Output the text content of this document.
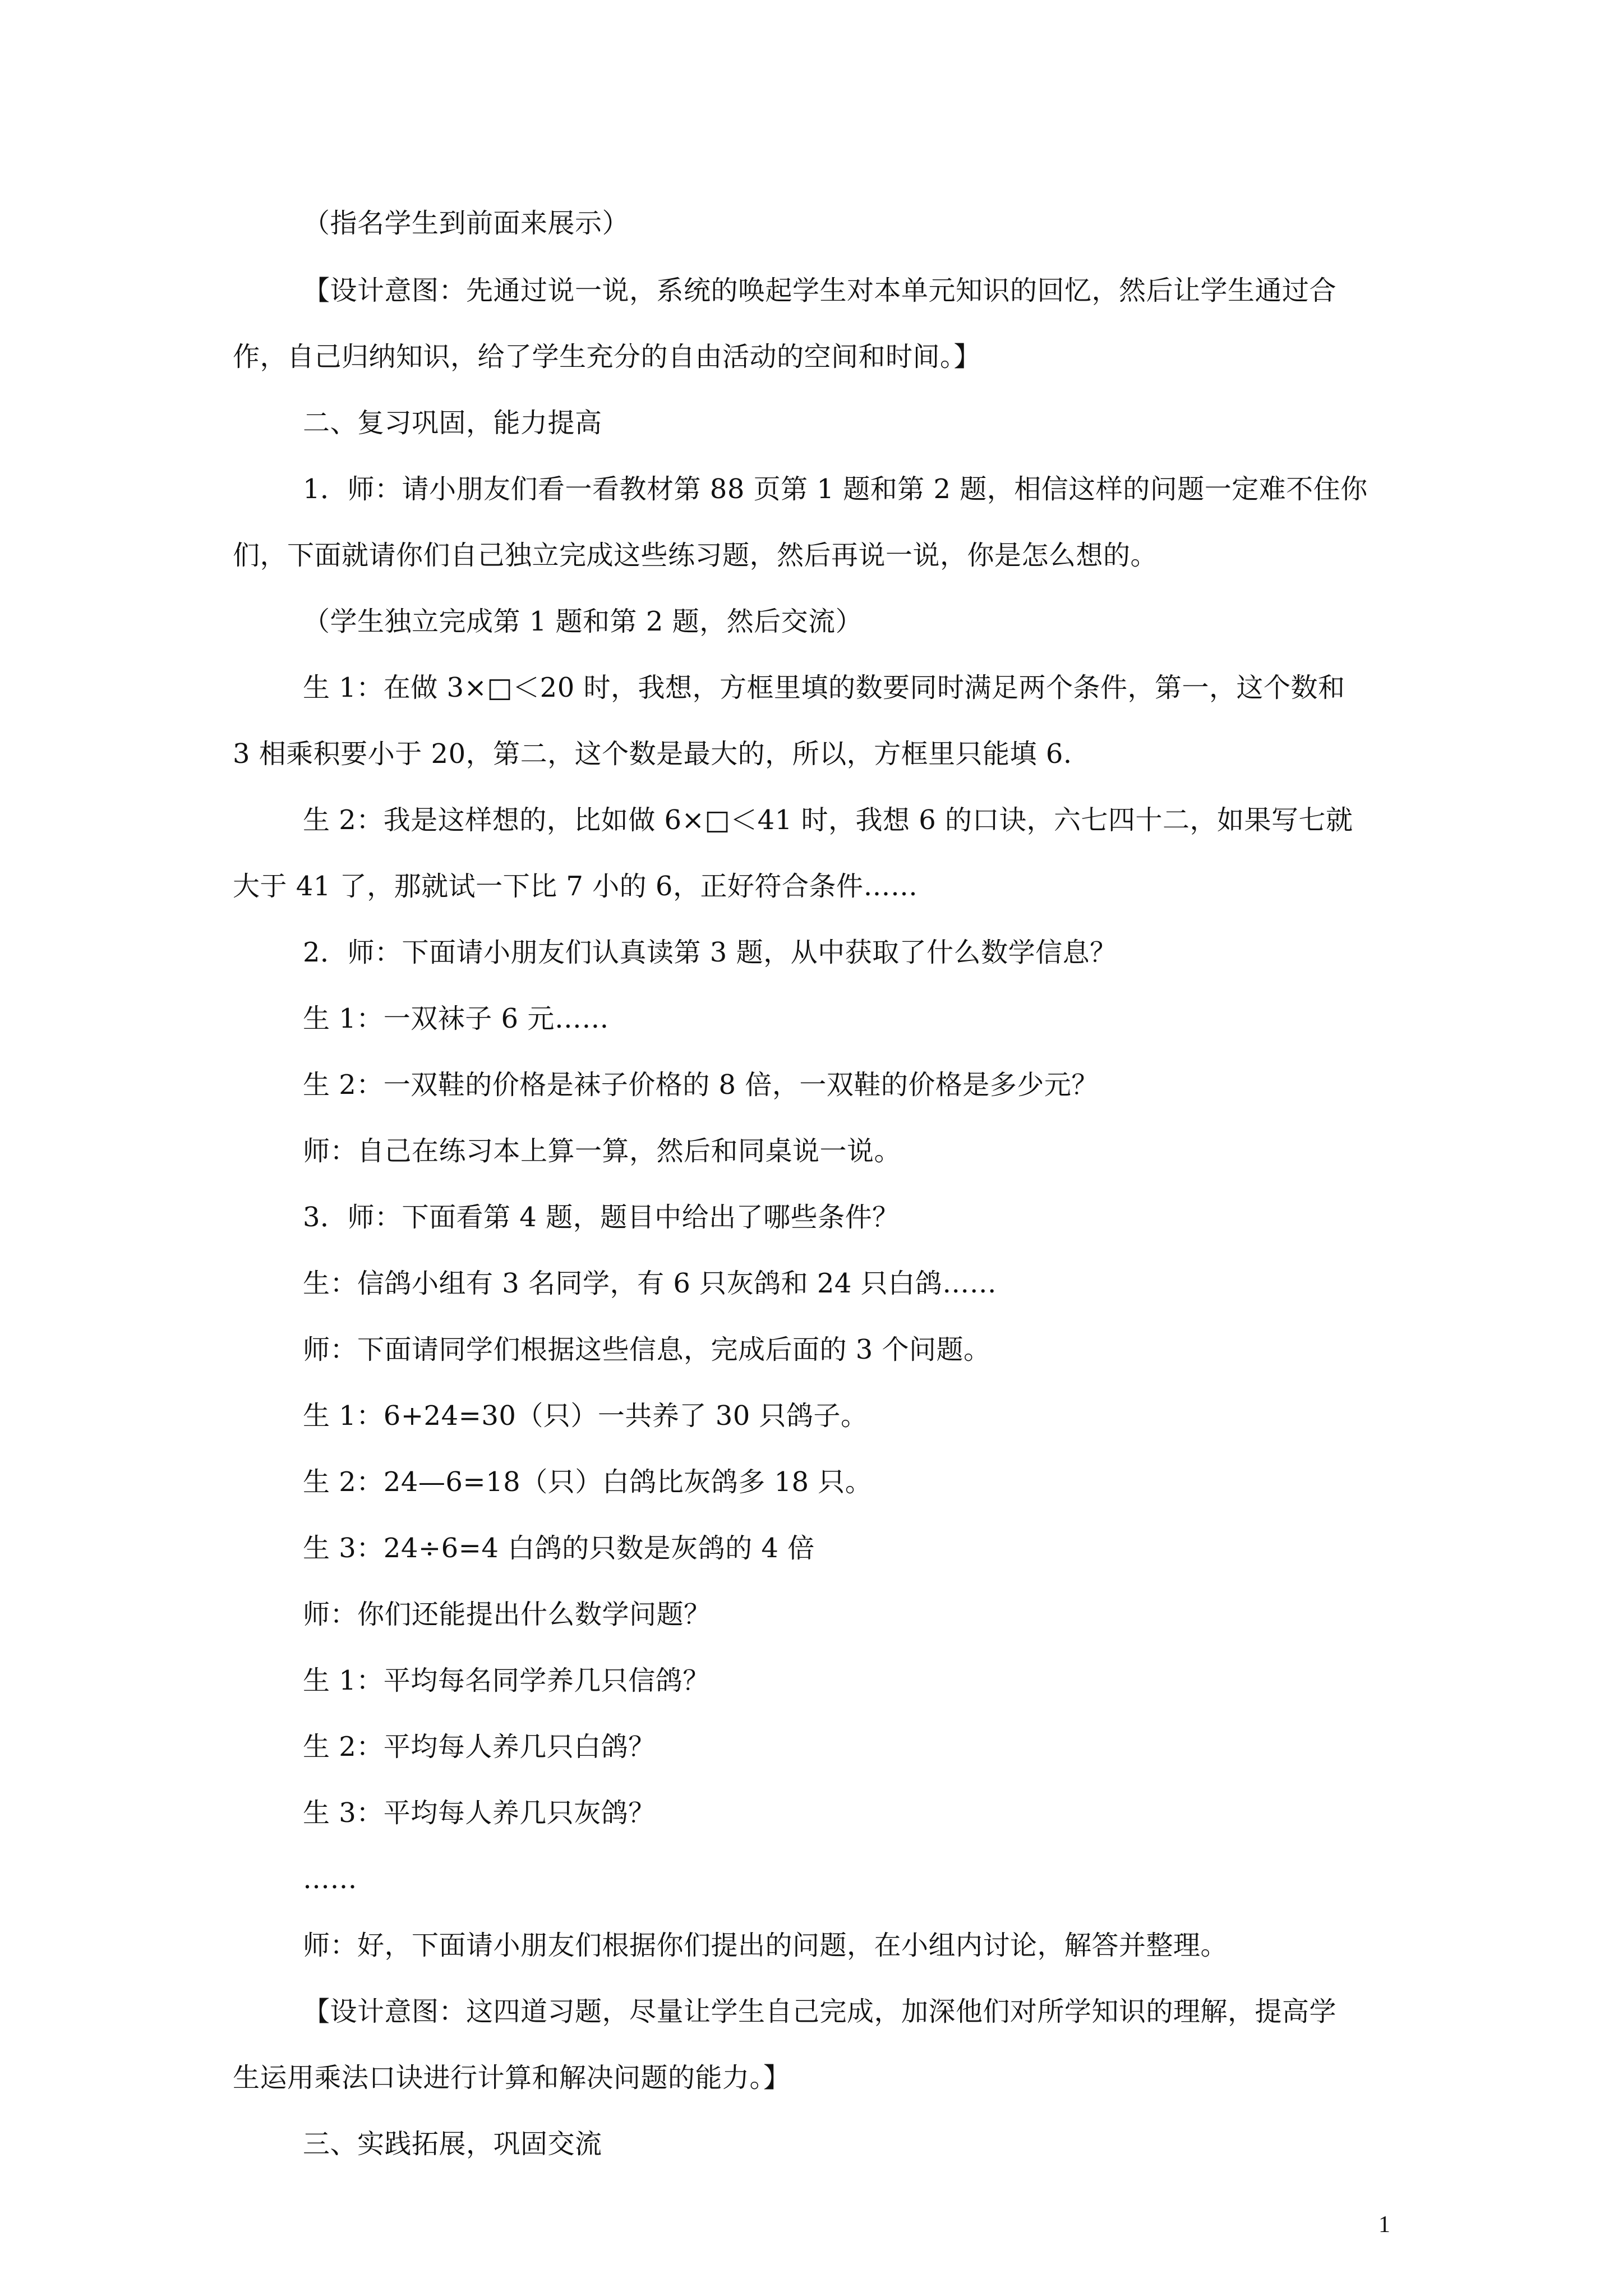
（指名学生到前面来展示）
【设计意图：先通过说一说，系统的唤起学生对本单元知识的回忆，然后让学生通过合
作，自己归纳知识，给了学生充分的自由活动的空间和时间。】
二、复习巩固，能力提高
1．师：请小朋友们看一看教材第 88 页第 1 题和第 2 题，相信这样的问题一定难不住你
们，下面就请你们自己独立完成这些练习题，然后再说一说，你是怎么想的。
（学生独立完成第 1 题和第 2 题，然后交流）
生 1：在做 3×□＜20 时，我想，方框里填的数要同时满足两个条件，第一，这个数和
3 相乘积要小于 20，第二，这个数是最大的，所以，方框里只能填 6.
生 2：我是这样想的，比如做 6×□＜41 时，我想 6 的口诀，六七四十二，如果写七就
大于 41 了，那就试一下比 7 小的 6，正好符合条件……
2．师：下面请小朋友们认真读第 3 题，从中获取了什么数学信息？
生 1：一双袜子 6 元……
生 2：一双鞋的价格是袜子价格的 8 倍，一双鞋的价格是多少元？
师：自己在练习本上算一算，然后和同桌说一说。
3．师：下面看第 4 题，题目中给出了哪些条件？
生：信鸽小组有 3 名同学，有 6 只灰鸽和 24 只白鸽……
师：下面请同学们根据这些信息，完成后面的 3 个问题。
生 1：6+24=30（只）一共养了 30 只鸽子。
生 2：24—6=18（只）白鸽比灰鸽多 18 只。
生 3：24÷6=4 白鸽的只数是灰鸽的 4 倍
师：你们还能提出什么数学问题？
生 1：平均每名同学养几只信鸽？
生 2：平均每人养几只白鸽？
生 3：平均每人养几只灰鸽？
……
师：好，下面请小朋友们根据你们提出的问题，在小组内讨论，解答并整理。
【设计意图：这四道习题，尽量让学生自己完成，加深他们对所学知识的理解，提高学
生运用乘法口诀进行计算和解决问题的能力。】
三、实践拓展，巩固交流
1
